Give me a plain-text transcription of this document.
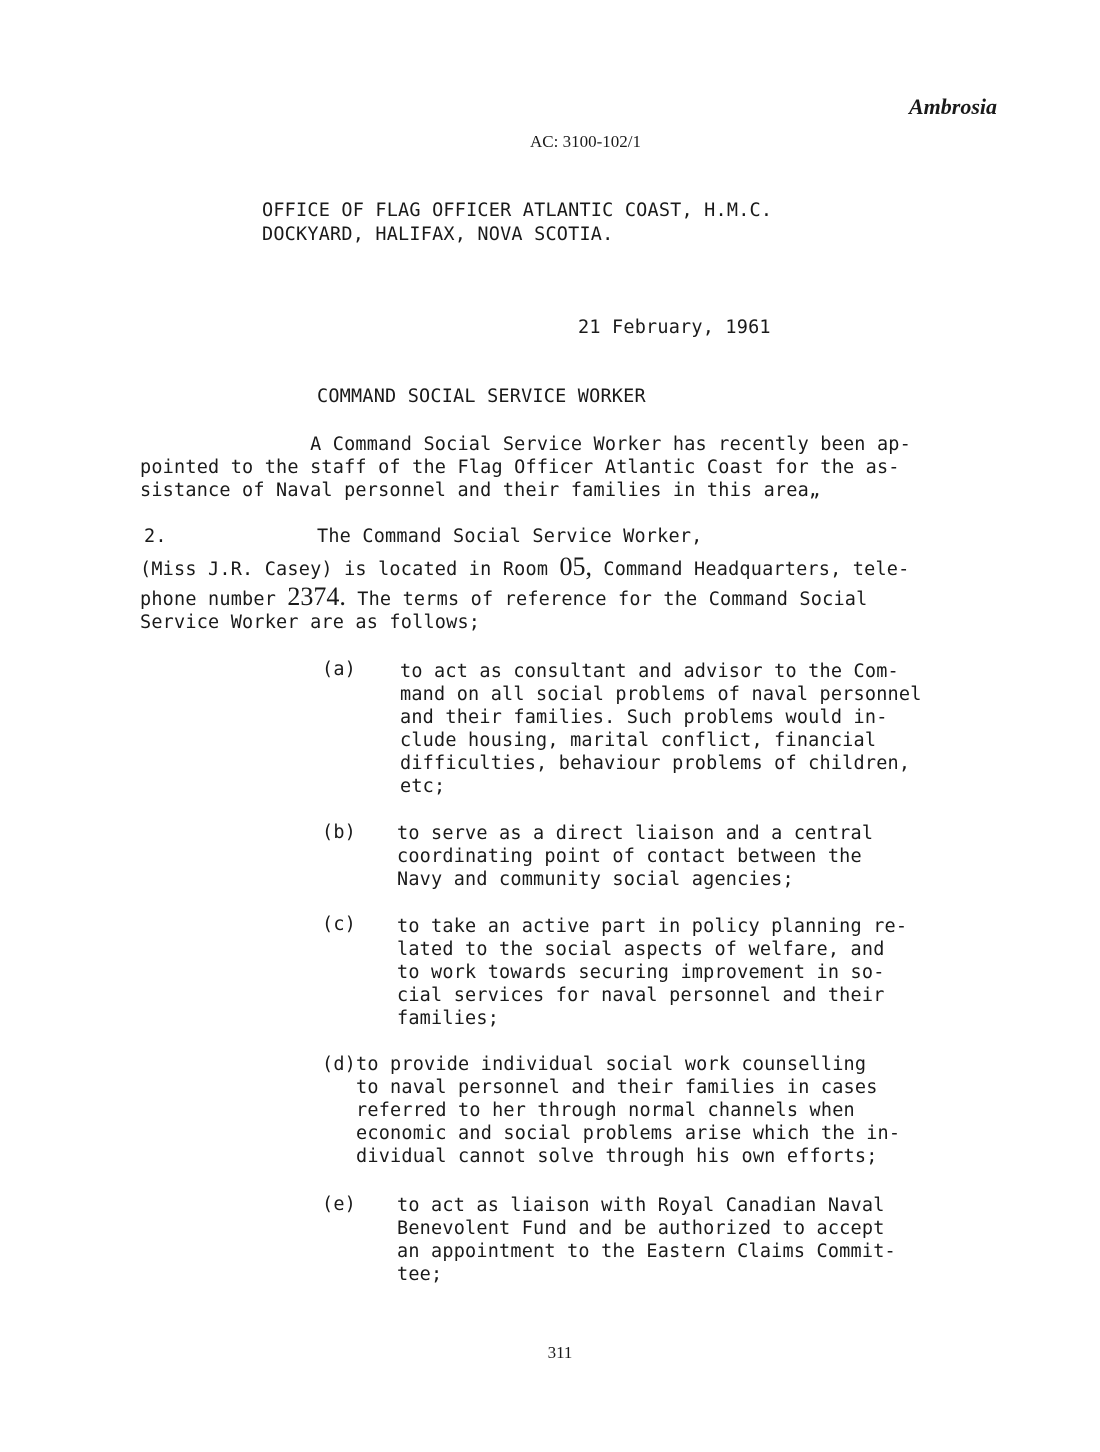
Ambrosia
AC: 3100-102/1
OFFICE OF FLAG OFFICER ATLANTIC COAST, H.M.C.
DOCKYARD, HALIFAX, NOVA SCOTIA.
21 February, 1961
COMMAND SOCIAL SERVICE WORKER
A Command Social Service Worker has recently been ap-
pointed to the staff of the Flag Officer Atlantic Coast for the as-
sistance of Naval personnel and their families in this area„
2.	The Command Social Service Worker,
(Miss J.R. Casey) is located in Room 05, Command Headquarters, tele-
phone number 2374. The terms of reference for the Command Social
Service Worker are as follows;
(a) to act as consultant and advisor to the Com-
mand on all social problems of naval personnel
and their families. Such problems would in-
clude housing, marital conflict, financial
difficulties, behaviour problems of children,
etc;
(b) to serve as a direct liaison and a central
coordinating point of contact between the
Navy and community social agencies;
(c) to take an active part in policy planning re-
lated to the social aspects of welfare, and
to work towards securing improvement in so-
cial services for naval personnel and their
families;
(d)to provide individual social work counselling
to naval personnel and their families in cases
referred to her through normal channels when
economic and social problems arise which the in-
dividual cannot solve through his own efforts;
(e) to act as liaison with Royal Canadian Naval
Benevolent Fund and be authorized to accept
an appointment to the Eastern Claims Commit-
tee;
311
